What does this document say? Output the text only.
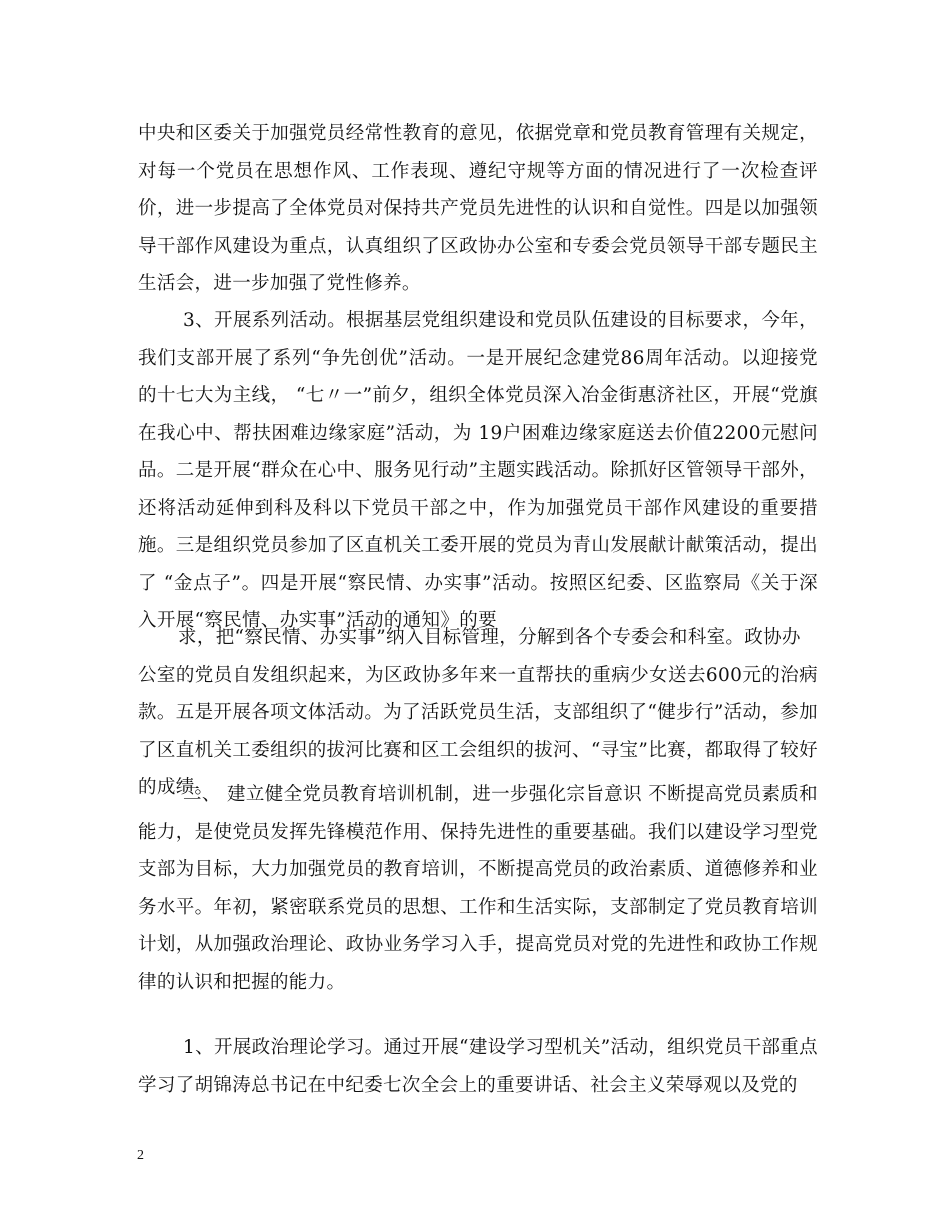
中央和区委关于加强党员经常性教育的意见，依据党章和党员教育管理有关规定，对每一个党员在思想作风、工作表现、遵纪守规等方面的情况进行了一次检查评价，进一步提高了全体党员对保持共产党员先进性的认识和自觉性。四是以加强领导干部作风建设为重点，认真组织了区政协办公室和专委会党员领导干部专题民主生活会，进一步加强了党性修养。

3、开展系列活动。根据基层党组织建设和党员队伍建设的目标要求，今年，我们支部开展了系列“争先创优”活动。一是开展纪念建党86周年活动。以迎接党的十七大为主线， “七〃一”前夕，组织全体党员深入冶金街惠济社区，开展“党旗在我心中、帮扶困难边缘家庭”活动，为 19户困难边缘家庭送去价值2200元慰问品。二是开展“群众在心中、服务见行动”主题实践活动。除抓好区管领导干部外，还将活动延伸到科及科以下党员干部之中，作为加强党员干部作风建设的重要措施。三是组织党员参加了区直机关工委开展的党员为青山发展献计献策活动，提出了 “金点子”。四是开展“察民情、办实事”活动。按照区纪委、区监察局《关于深入开展“察民情、办实事”活动的通知》的要

求，把“察民情、办实事”纳入目标管理，分解到各个专委会和科室。政协办
公室的党员自发组织起来，为区政协多年来一直帮扶的重病少女送去600元的治病款。五是开展各项文体活动。为了活跃党员生活，支部组织了“健步行”活动，参加了区直机关工委组织的拔河比赛和区工会组织的拔河、“寻宝”比赛，都取得了较好的成绩。

二、 建立健全党员教育培训机制，进一步强化宗旨意识 不断提高党员素质和能力，是使党员发挥先锋模范作用、保持先进性的重要基础。我们以建设学习型党支部为目标，大力加强党员的教育培训，不断提高党员的政治素质、道德修养和业务水平。年初，紧密联系党员的思想、工作和生活实际，支部制定了党员教育培训计划，从加强政治理论、政协业务学习入手，提高党员对党的先进性和政协工作规律的认识和把握的能力。

1、开展政治理论学习。通过开展“建设学习型机关”活动，组织党员干部重点学习了胡锦涛总书记在中纪委七次全会上的重要讲话、社会主义荣辱观以及党的

2
